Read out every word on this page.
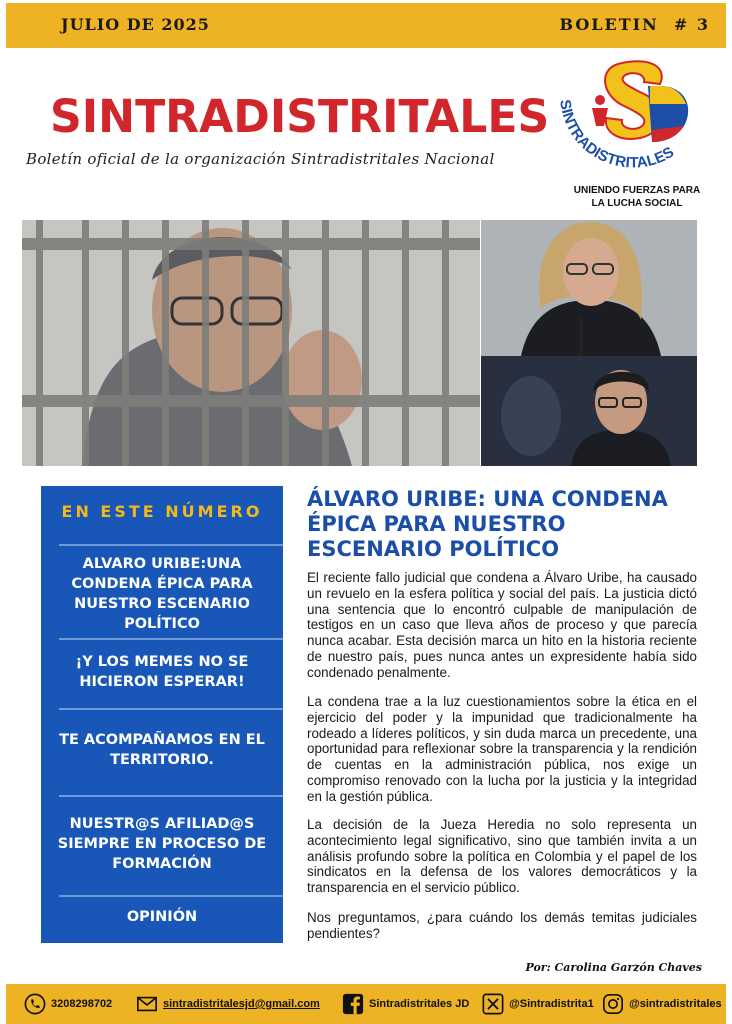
JULIO DE 2025	BOLETIN  # 3
SINTRADISTRITALES
Boletín oficial de la organización Sintradistritales Nacional
SINTRADISTRITALES
UNIENDO FUERZAS PARA
LA LUCHA SOCIAL
EN ESTE NÚMERO
ALVARO URIBE:UNA CONDENA ÉPICA PARA NUESTRO ESCENARIO POLÍTICO
¡Y LOS MEMES NO SE HICIERON ESPERAR!
TE ACOMPAÑAMOS EN EL TERRITORIO.
NUESTR@S AFILIAD@S SIEMPRE EN PROCESO DE FORMACIÓN
OPINIÓN
ÁLVARO URIBE: UNA CONDENA ÉPICA PARA NUESTRO ESCENARIO POLÍTICO
El reciente fallo judicial que condena a Álvaro Uribe, ha causado un revuelo en la esfera política y social del país. La justicia dictó una sentencia que lo encontró culpable de manipulación de testigos en un caso que lleva años de proceso y que parecía nunca acabar. Esta decisión marca un hito en la historia reciente de nuestro país, pues nunca antes un expresidente había sido condenado penalmente.
La condena trae a la luz cuestionamientos sobre la ética en el ejercicio del poder y la impunidad que tradicionalmente ha rodeado a líderes políticos, y sin duda marca un precedente, una oportunidad para reflexionar sobre la transparencia y la rendición de cuentas en la administración pública, nos exige un compromiso renovado con la lucha por la justicia y la integridad en la gestión pública.
La decisión de la Jueza Heredia no solo representa un acontecimiento legal significativo, sino que también invita a un análisis profundo sobre la política en Colombia y el papel de los sindicatos en la defensa de los valores democráticos y la transparencia en el servicio público.
Nos preguntamos, ¿para cuándo los demás temitas judiciales pendientes?
Por: Carolina Garzón Chaves
3208298702	sintradistritalesjd@gmail.com	Sintradistritales JD	@Sintradistrita1	@sintradistritales
